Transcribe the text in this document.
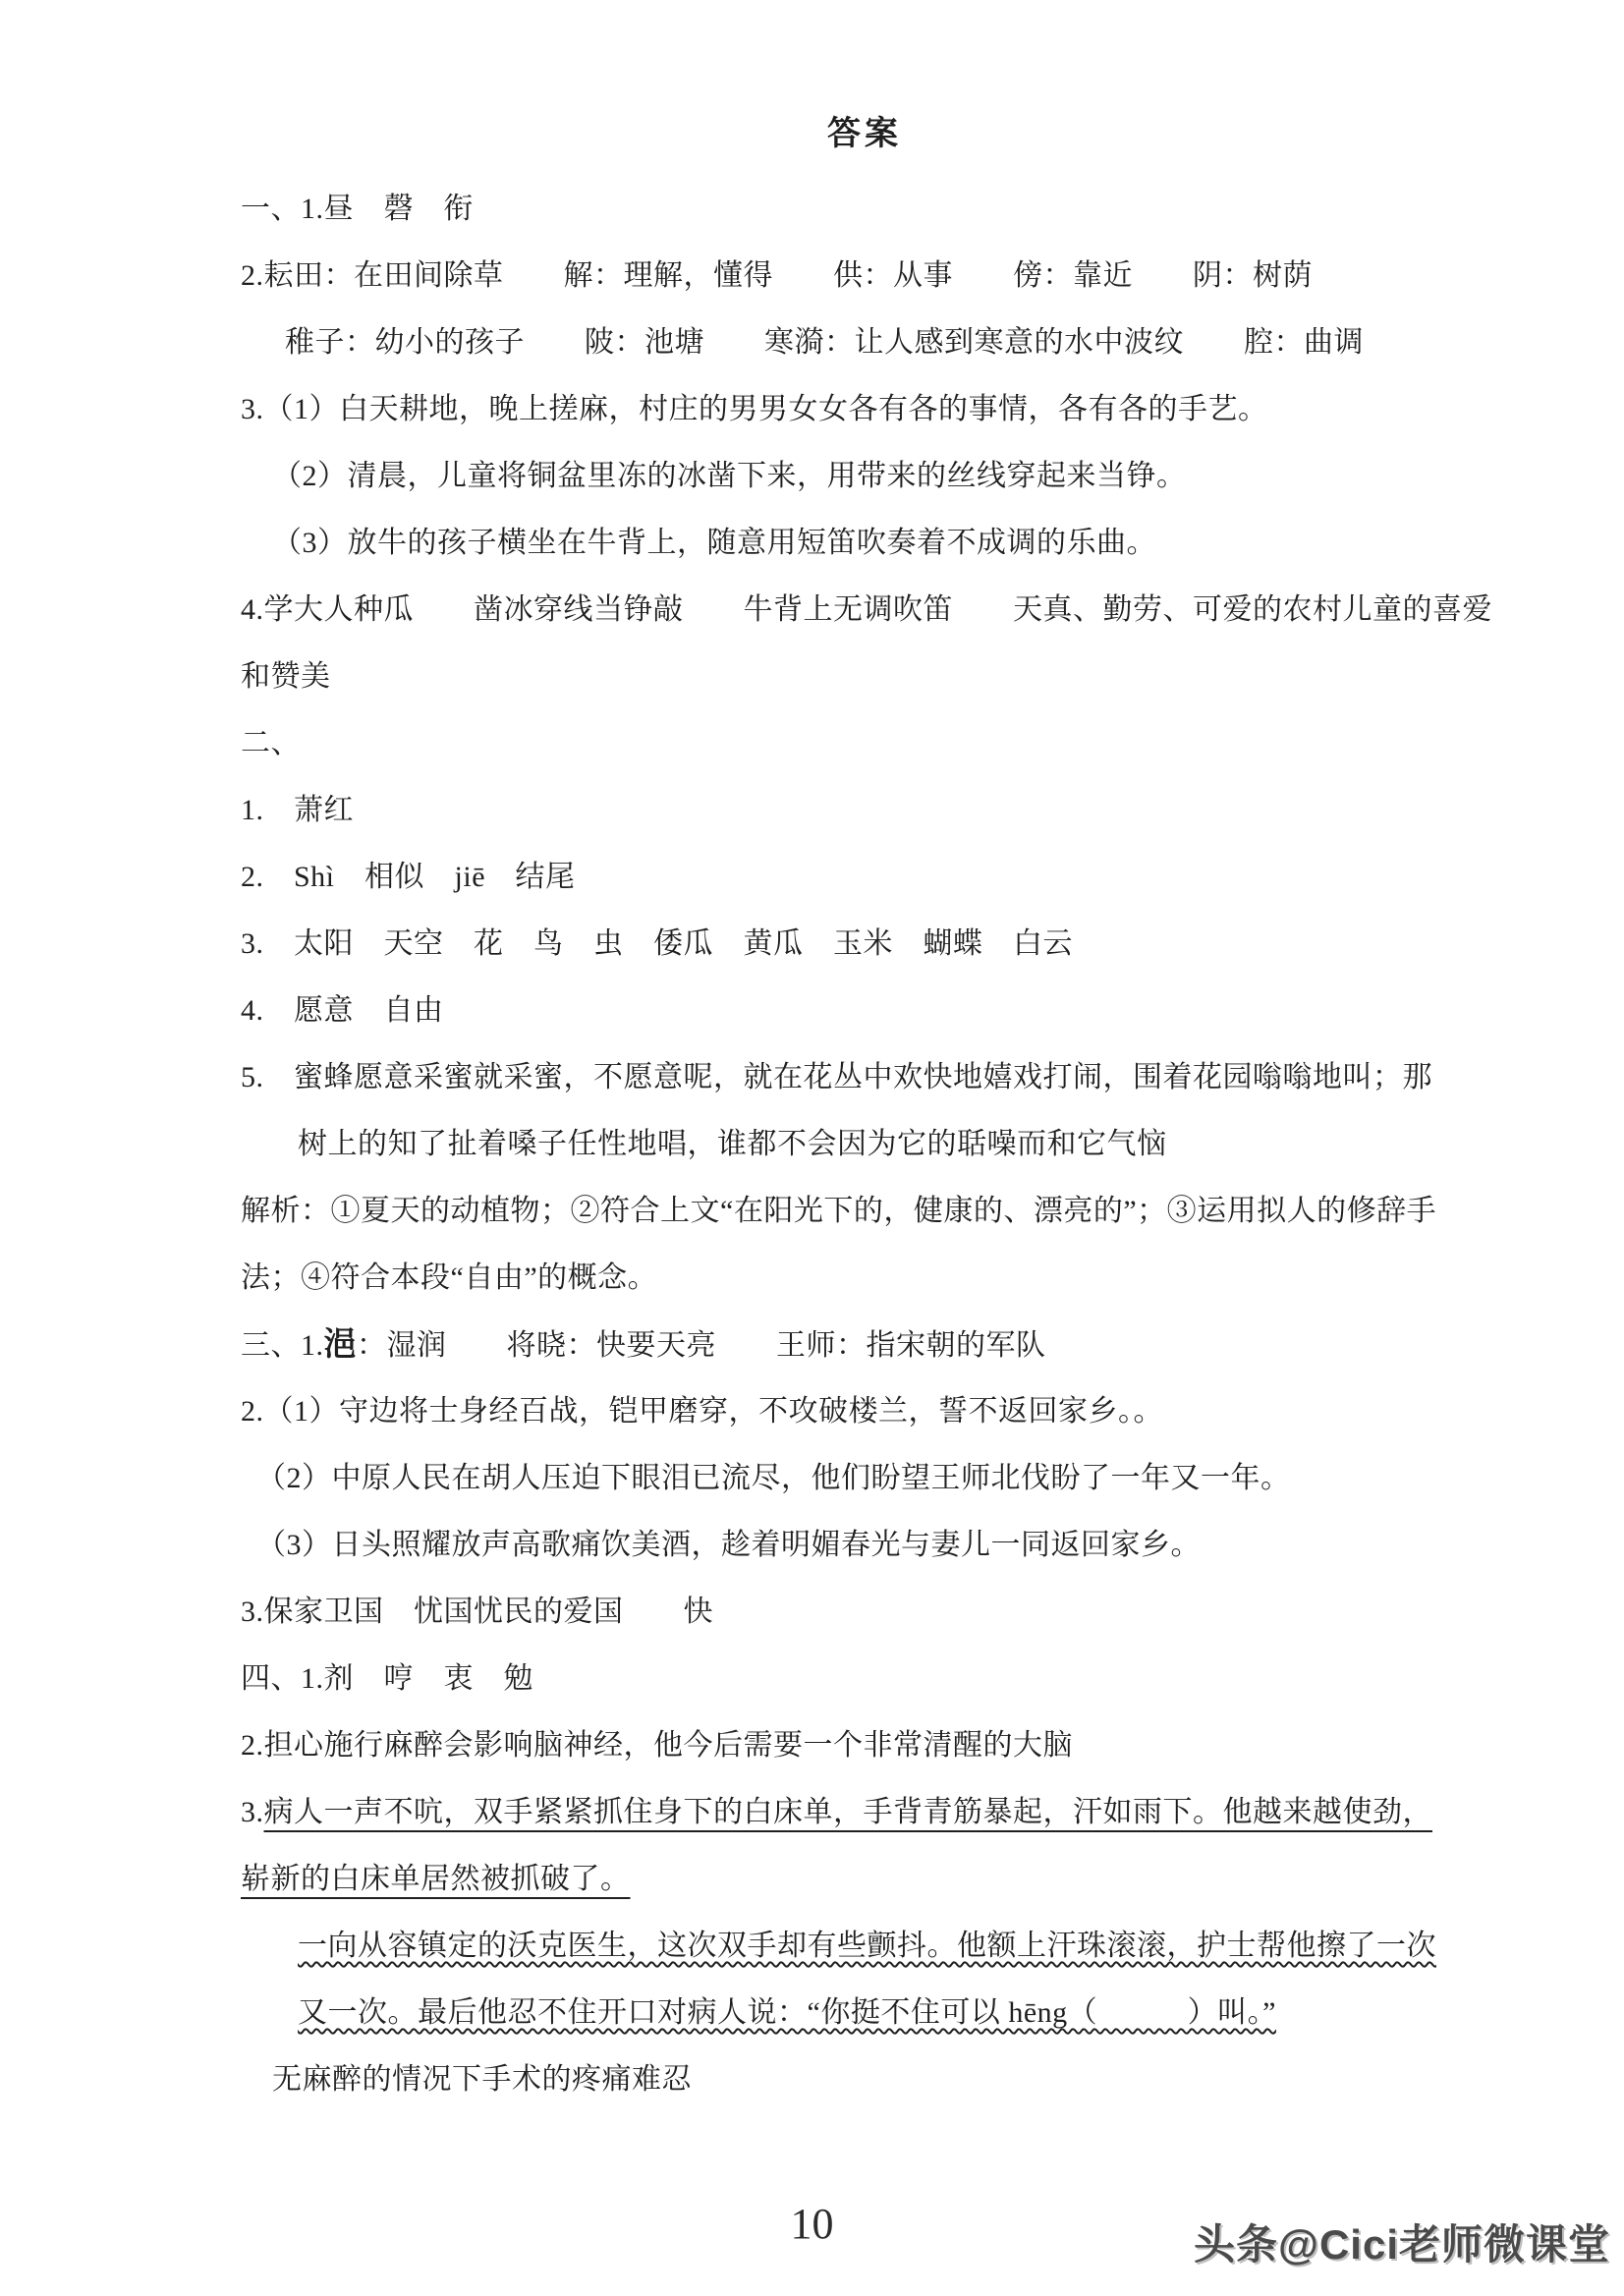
答案
一、1.昼　磬　衔
2.耘田：在田间除草　　解：理解，懂得　　供：从事　　傍：靠近　　阴：树荫
稚子：幼小的孩子　　陂：池塘　　寒漪：让人感到寒意的水中波纹　　腔：曲调
3.（1）白天耕地，晚上搓麻，村庄的男男女女各有各的事情，各有各的手艺。
（2）清晨，儿童将铜盆里冻的冰凿下来，用带来的丝线穿起来当铮。
（3）放牛的孩子横坐在牛背上，随意用短笛吹奏着不成调的乐曲。
4.学大人种瓜　　凿冰穿线当铮敲　　牛背上无调吹笛　　天真、勤劳、可爱的农村儿童的喜爱
和赞美
二、
1.　萧红
2.　Shì　相似　jiē　结尾
3.　太阳　天空　花　鸟　虫　倭瓜　黄瓜　玉米　蝴蝶　白云
4.　愿意　自由
5.　蜜蜂愿意采蜜就采蜜，不愿意呢，就在花丛中欢快地嬉戏打闹，围着花园嗡嗡地叫；那
树上的知了扯着嗓子任性地唱，谁都不会因为它的聒噪而和它气恼
解析：①夏天的动植物；②符合上文“在阳光下的，健康的、漂亮的”；③运用拟人的修辞手
法；④符合本段“自由”的概念。
三、1.浥：湿润　　将晓：快要天亮　　王师：指宋朝的军队
2.（1）守边将士身经百战，铠甲磨穿，不攻破楼兰，誓不返回家乡。。
（2）中原人民在胡人压迫下眼泪已流尽，他们盼望王师北伐盼了一年又一年。
（3）日头照耀放声高歌痛饮美酒，趁着明媚春光与妻儿一同返回家乡。
3.保家卫国　忧国忧民的爱国　　快
四、1.剂　哼　衷　勉
2.担心施行麻醉会影响脑神经，他今后需要一个非常清醒的大脑
3.病人一声不吭，双手紧紧抓住身下的白床单，手背青筋暴起，汗如雨下。他越来越使劲，
崭新的白床单居然被抓破了。
一向从容镇定的沃克医生，这次双手却有些颤抖。他额上汗珠滚滚，护士帮他擦了一次
又一次。最后他忍不住开口对病人说：“你挺不住可以 hēng（　　　）叫。”
无麻醉的情况下手术的疼痛难忍
10	头条@Cici老师微课堂
